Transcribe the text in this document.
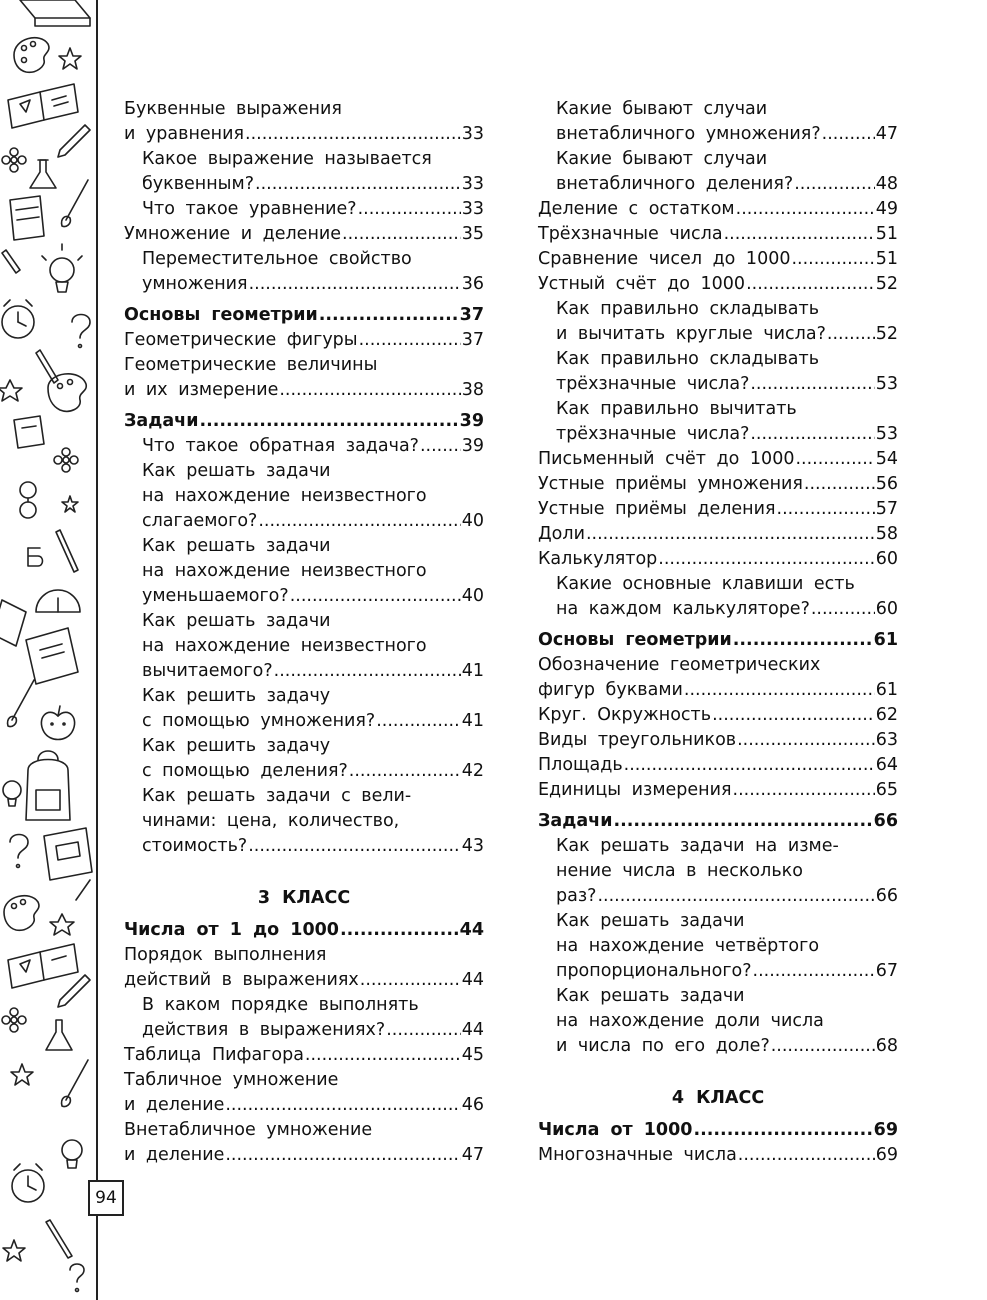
94
Буквенные выражения
и уравнения .....	33
Какое выражение называется
буквенным? .....	33
Что такое уравнение? .....	33
Умножение и деление .....	35
Переместительное свойство
умножения .....	36
Основы геометрии .....	37
Геометрические фигуры .....	37
Геометрические величины
и их измерение .....	38
Задачи .....	39
Что такое обратная задача? ..... 39
Как решать задачи
на нахождение неизвестного
слагаемого? .....	40
Как решать задачи
на нахождение неизвестного
уменьшаемого? .....	40
Как решать задачи
на нахождение неизвестного
вычитаемого? .....	41
Как решить задачу
с помощью умножения? .....	41
Как решить задачу
с помощью деления? .....	42
Как решать задачи с вели-
чинами: цена, количество,
стоимость? .....	43
3 КЛАСС
Числа от 1 до 1000 .....	44
Порядок выполнения
действий в выражениях .....	44
В каком порядке выполнять
действия в выражениях? .....	44
Таблица Пифагора .....	45
Табличное умножение
и деление .....	46
Внетабличное умножение
и деление .....	47
Какие бывают случаи
внетабличного умножения? .....	47
Какие бывают случаи
внетабличного деления? .....	48
Деление с остатком .....	49
Трёхзначные числа .....	51
Сравнение чисел до 1000 .....	51
Устный счёт до 1000 .....	52
Как правильно складывать
и вычитать круглые числа? .....	52
Как правильно складывать
трёхзначные числа? .....	53
Как правильно вычитать
трёхзначные числа? .....	53
Письменный счёт до 1000 .....	54
Устные приёмы умножения .....	56
Устные приёмы деления .....	57
Доли .....	58
Калькулятор .....	60
Какие основные клавиши есть
на каждом калькуляторе? .....	60
Основы геометрии .....	61
Обозначение геометрических
фигур буквами .....	61
Круг. Окружность .....	62
Виды треугольников .....	63
Площадь .....	64
Единицы измерения .....	65
Задачи .....	66
Как решать задачи на изме-
нение числа в несколько
раз? .....	66
Как решать задачи
на нахождение четвёртого
пропорционального? .....	67
Как решать задачи
на нахождение доли числа
и числа по его доле? .....	68
4 КЛАСС
Числа от 1000 .....	69
Многозначные числа .....	69
